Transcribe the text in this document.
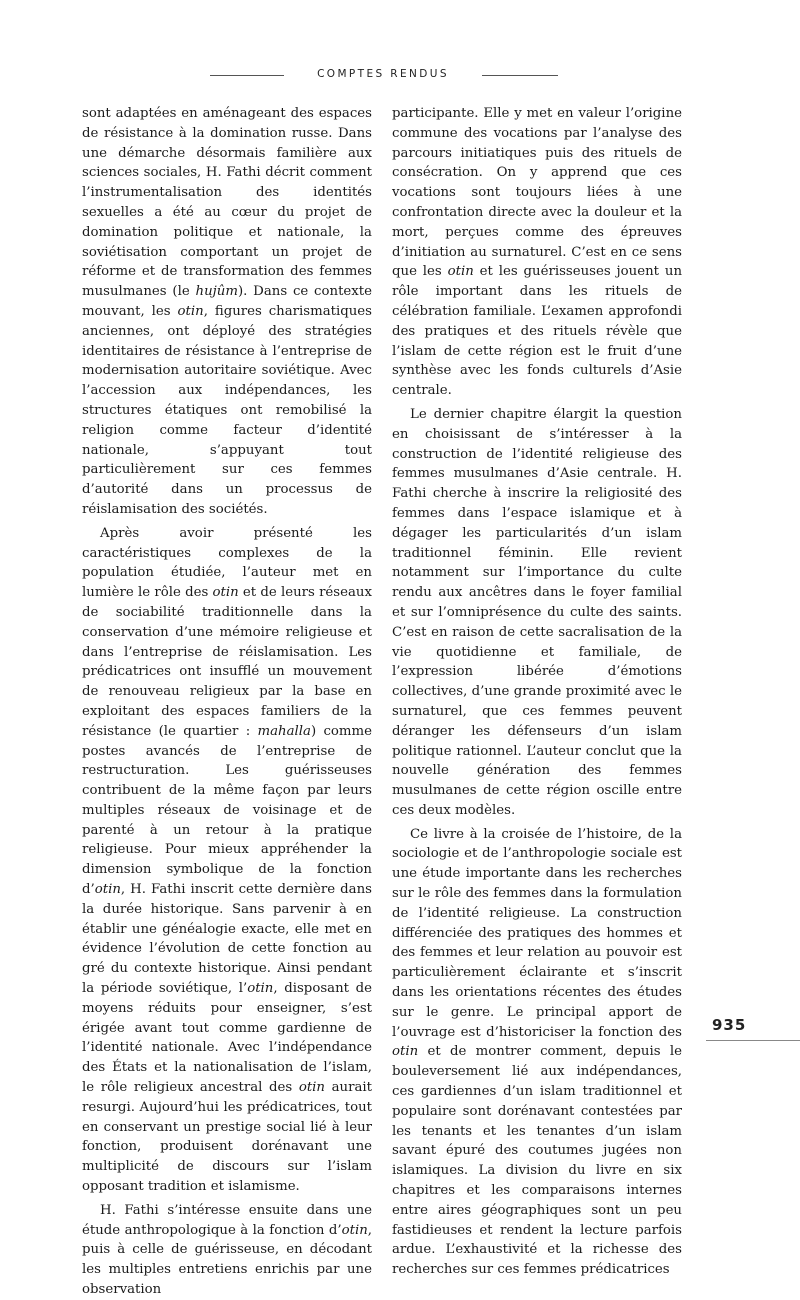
COMPTES RENDUS

sont adaptées en aménageant des espaces de résistance à la domination russe. Dans une démarche désormais familière aux sciences sociales, H. Fathi décrit comment l’instrumentalisation des identités sexuelles a été au cœur du projet de domination politique et nationale, la soviétisation comportant un projet de réforme et de transformation des femmes musulmanes (le hujûm). Dans ce contexte mouvant, les otin, figures charismatiques anciennes, ont déployé des stratégies identitaires de résistance à l’entreprise de modernisation autoritaire soviétique. Avec l’accession aux indépendances, les structures étatiques ont remobilisé la religion comme facteur d’identité nationale, s’appuyant tout particulièrement sur ces femmes d’autorité dans un processus de réislamisation des sociétés.

Après avoir présenté les caractéristiques complexes de la population étudiée, l’auteur met en lumière le rôle des otin et de leurs réseaux de sociabilité traditionnelle dans la conservation d’une mémoire religieuse et dans l’entreprise de réislamisation. Les prédicatrices ont insufflé un mouvement de renouveau religieux par la base en exploitant des espaces familiers de la résistance (le quartier : mahalla) comme postes avancés de l’entreprise de restructuration. Les guérisseuses contribuent de la même façon par leurs multiples réseaux de voisinage et de parenté à un retour à la pratique religieuse. Pour mieux appréhender la dimension symbolique de la fonction d’otin, H. Fathi inscrit cette dernière dans la durée historique. Sans parvenir à en établir une généalogie exacte, elle met en évidence l’évolution de cette fonction au gré du contexte historique. Ainsi pendant la période soviétique, l’otin, disposant de moyens réduits pour enseigner, s’est érigée avant tout comme gardienne de l’identité nationale. Avec l’indépendance des États et la nationalisation de l’islam, le rôle religieux ancestral des otin aurait resurgi. Aujourd’hui les prédicatrices, tout en conservant un prestige social lié à leur fonction, produisent dorénavant une multiplicité de discours sur l’islam opposant tradition et islamisme.

H. Fathi s’intéresse ensuite dans une étude anthropologique à la fonction d’otin, puis à celle de guérisseuse, en décodant les multiples entretiens enrichis par une observation

participante. Elle y met en valeur l’origine commune des vocations par l’analyse des parcours initiatiques puis des rituels de consécration. On y apprend que ces vocations sont toujours liées à une confrontation directe avec la douleur et la mort, perçues comme des épreuves d’initiation au surnaturel. C’est en ce sens que les otin et les guérisseuses jouent un rôle important dans les rituels de célébration familiale. L’examen approfondi des pratiques et des rituels révèle que l’islam de cette région est le fruit d’une synthèse avec les fonds culturels d’Asie centrale.

Le dernier chapitre élargit la question en choisissant de s’intéresser à la construction de l’identité religieuse des femmes musulmanes d’Asie centrale. H. Fathi cherche à inscrire la religiosité des femmes dans l’espace islamique et à dégager les particularités d’un islam traditionnel féminin. Elle revient notamment sur l’importance du culte rendu aux ancêtres dans le foyer familial et sur l’omniprésence du culte des saints. C’est en raison de cette sacralisation de la vie quotidienne et familiale, de l’expression libérée d’émotions collectives, d’une grande proximité avec le surnaturel, que ces femmes peuvent déranger les défenseurs d’un islam politique rationnel. L’auteur conclut que la nouvelle génération des femmes musulmanes de cette région oscille entre ces deux modèles.

Ce livre à la croisée de l’histoire, de la sociologie et de l’anthropologie sociale est une étude importante dans les recherches sur le rôle des femmes dans la formulation de l’identité religieuse. La construction différenciée des pratiques des hommes et des femmes et leur relation au pouvoir est particulièrement éclairante et s’inscrit dans les orientations récentes des études sur le genre. Le principal apport de l’ouvrage est d’historiciser la fonction des otin et de montrer comment, depuis le bouleversement lié aux indépendances, ces gardiennes d’un islam traditionnel et populaire sont dorénavant contestées par les tenants et les tenantes d’un islam savant épuré des coutumes jugées non islamiques. La division du livre en six chapitres et les comparaisons internes entre aires géographiques sont un peu fastidieuses et rendent la lecture parfois ardue. L’exhaustivité et la richesse des recherches sur ces femmes prédicatrices

935
